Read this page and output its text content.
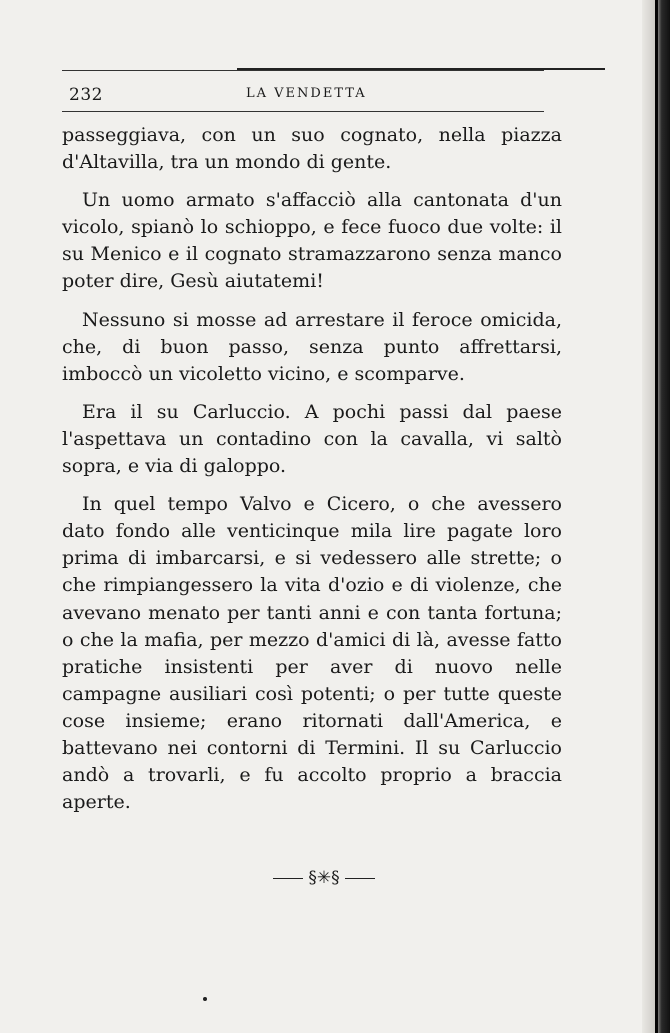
232	LA VENDETTA

passeggiava, con un suo cognato, nella piazza d'Altavilla, tra un mondo di gente.

Un uomo armato s'affacciò alla cantonata d'un vicolo, spianò lo schioppo, e fece fuoco due volte: il su Menico e il cognato stramazzarono senza manco poter dire, Gesù aiutatemi!

Nessuno si mosse ad arrestare il feroce omicida, che, di buon passo, senza punto affrettarsi, imboccò un vicoletto vicino, e scomparve.

Era il su Carluccio. A pochi passi dal paese l'aspettava un contadino con la cavalla, vi saltò sopra, e via di galoppo.

In quel tempo Valvo e Cicero, o che avessero dato fondo alle venticinque mila lire pagate loro prima di imbarcarsi, e si vedessero alle strette; o che rimpiangessero la vita d'ozio e di violenze, che avevano menato per tanti anni e con tanta fortuna; o che la mafia, per mezzo d'amici di là, avesse fatto pratiche insistenti per aver di nuovo nelle campagne ausiliari così potenti; o per tutte queste cose insieme; erano ritornati dall'America, e battevano nei contorni di Termini. Il su Carluccio andò a trovarli, e fu accolto proprio a braccia aperte.

§✳§
